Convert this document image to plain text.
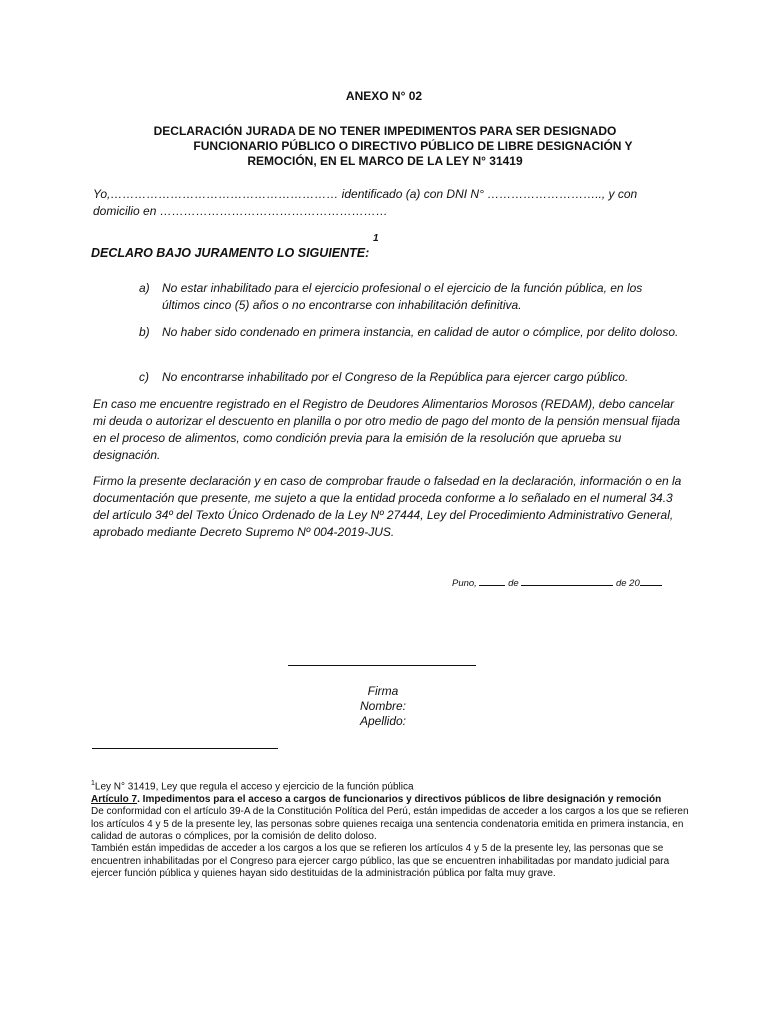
ANEXO N° 02
DECLARACIÓN JURADA DE NO TENER IMPEDIMENTOS PARA SER DESIGNADO
FUNCIONARIO PÚBLICO O DIRECTIVO PÚBLICO DE LIBRE DESIGNACIÓN Y
REMOCIÓN, EN EL MARCO DE LA LEY N° 31419
Yo,………………………………………………… identificado (a) con DNI N° ……………………….., y con
domicilio en …………………………………………………
1
DECLARO BAJO JURAMENTO LO SIGUIENTE:
a) No estar inhabilitado para el ejercicio profesional o el ejercicio de la función pública, en los últimos cinco (5) años o no encontrarse con inhabilitación definitiva.
b) No haber sido condenado en primera instancia, en calidad de autor o cómplice, por delito doloso.
c) No encontrarse inhabilitado por el Congreso de la República para ejercer cargo público.
En caso me encuentre registrado en el Registro de Deudores Alimentarios Morosos (REDAM), debo cancelar mi deuda o autorizar el descuento en planilla o por otro medio de pago del monto de la pensión mensual fijada en el proceso de alimentos, como condición previa para la emisión de la resolución que aprueba su designación.
Firmo la presente declaración y en caso de comprobar fraude o falsedad en la declaración, información o en la documentación que presente, me sujeto a que la entidad proceda conforme a lo señalado en el numeral 34.3 del artículo 34º del Texto Único Ordenado de la Ley Nº 27444, Ley del Procedimiento Administrativo General, aprobado mediante Decreto Supremo Nº 004-2019-JUS.
Puno,	de	de 20
Firma
Nombre:
Apellido:
$^1$Ley N° 31419, Ley que regula el acceso y ejercicio de la función pública
Artículo 7. Impedimentos para el acceso a cargos de funcionarios y directivos públicos de libre designación y remoción
De conformidad con el artículo 39-A de la Constitución Política del Perú, están impedidas de acceder a los cargos a los que se refieren los artículos 4 y 5 de la presente ley, las personas sobre quienes recaiga una sentencia condenatoria emitida en primera instancia, en calidad de autoras o cómplices, por la comisión de delito doloso.
También están impedidas de acceder a los cargos a los que se refieren los artículos 4 y 5 de la presente ley, las personas que se encuentren inhabilitadas por el Congreso para ejercer cargo público, las que se encuentren inhabilitadas por mandato judicial para ejercer función pública y quienes hayan sido destituidas de la administración pública por falta muy grave.
